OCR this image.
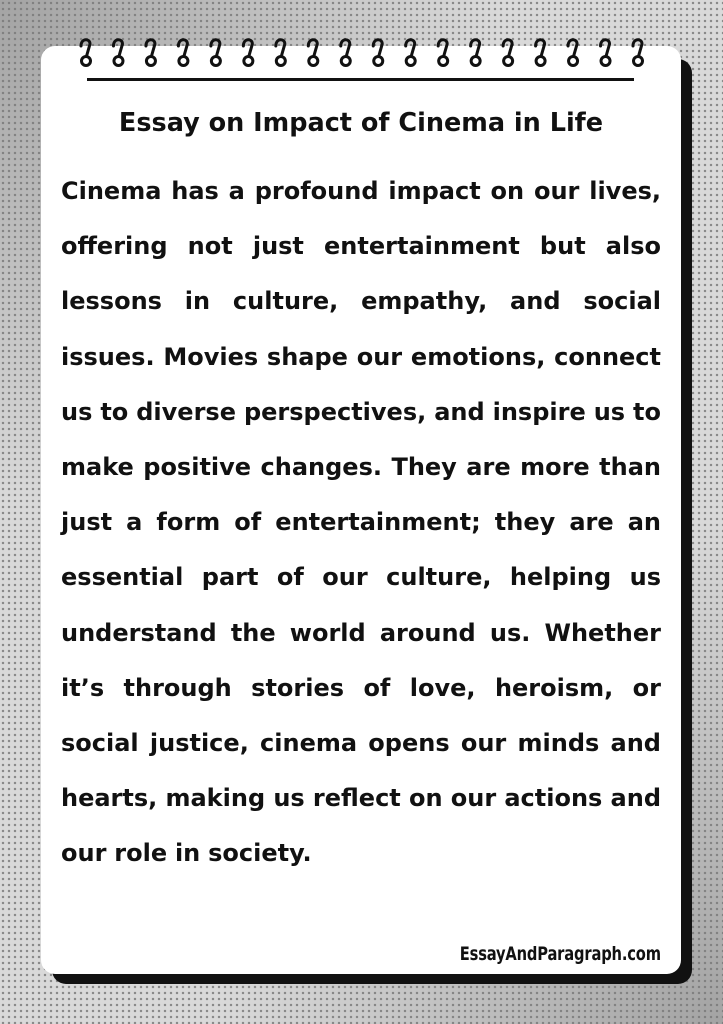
Essay on Impact of Cinema in Life

Cinema has a profound impact on our lives, offering not just entertainment but also lessons in culture, empathy, and social issues. Movies shape our emotions, connect us to diverse perspectives, and inspire us to make positive changes. They are more than just a form of entertainment; they are an essential part of our culture, helping us understand the world around us. Whether it’s through stories of love, heroism, or social justice, cinema opens our minds and hearts, making us reflect on our actions and our role in society.

EssayAndParagraph.com
